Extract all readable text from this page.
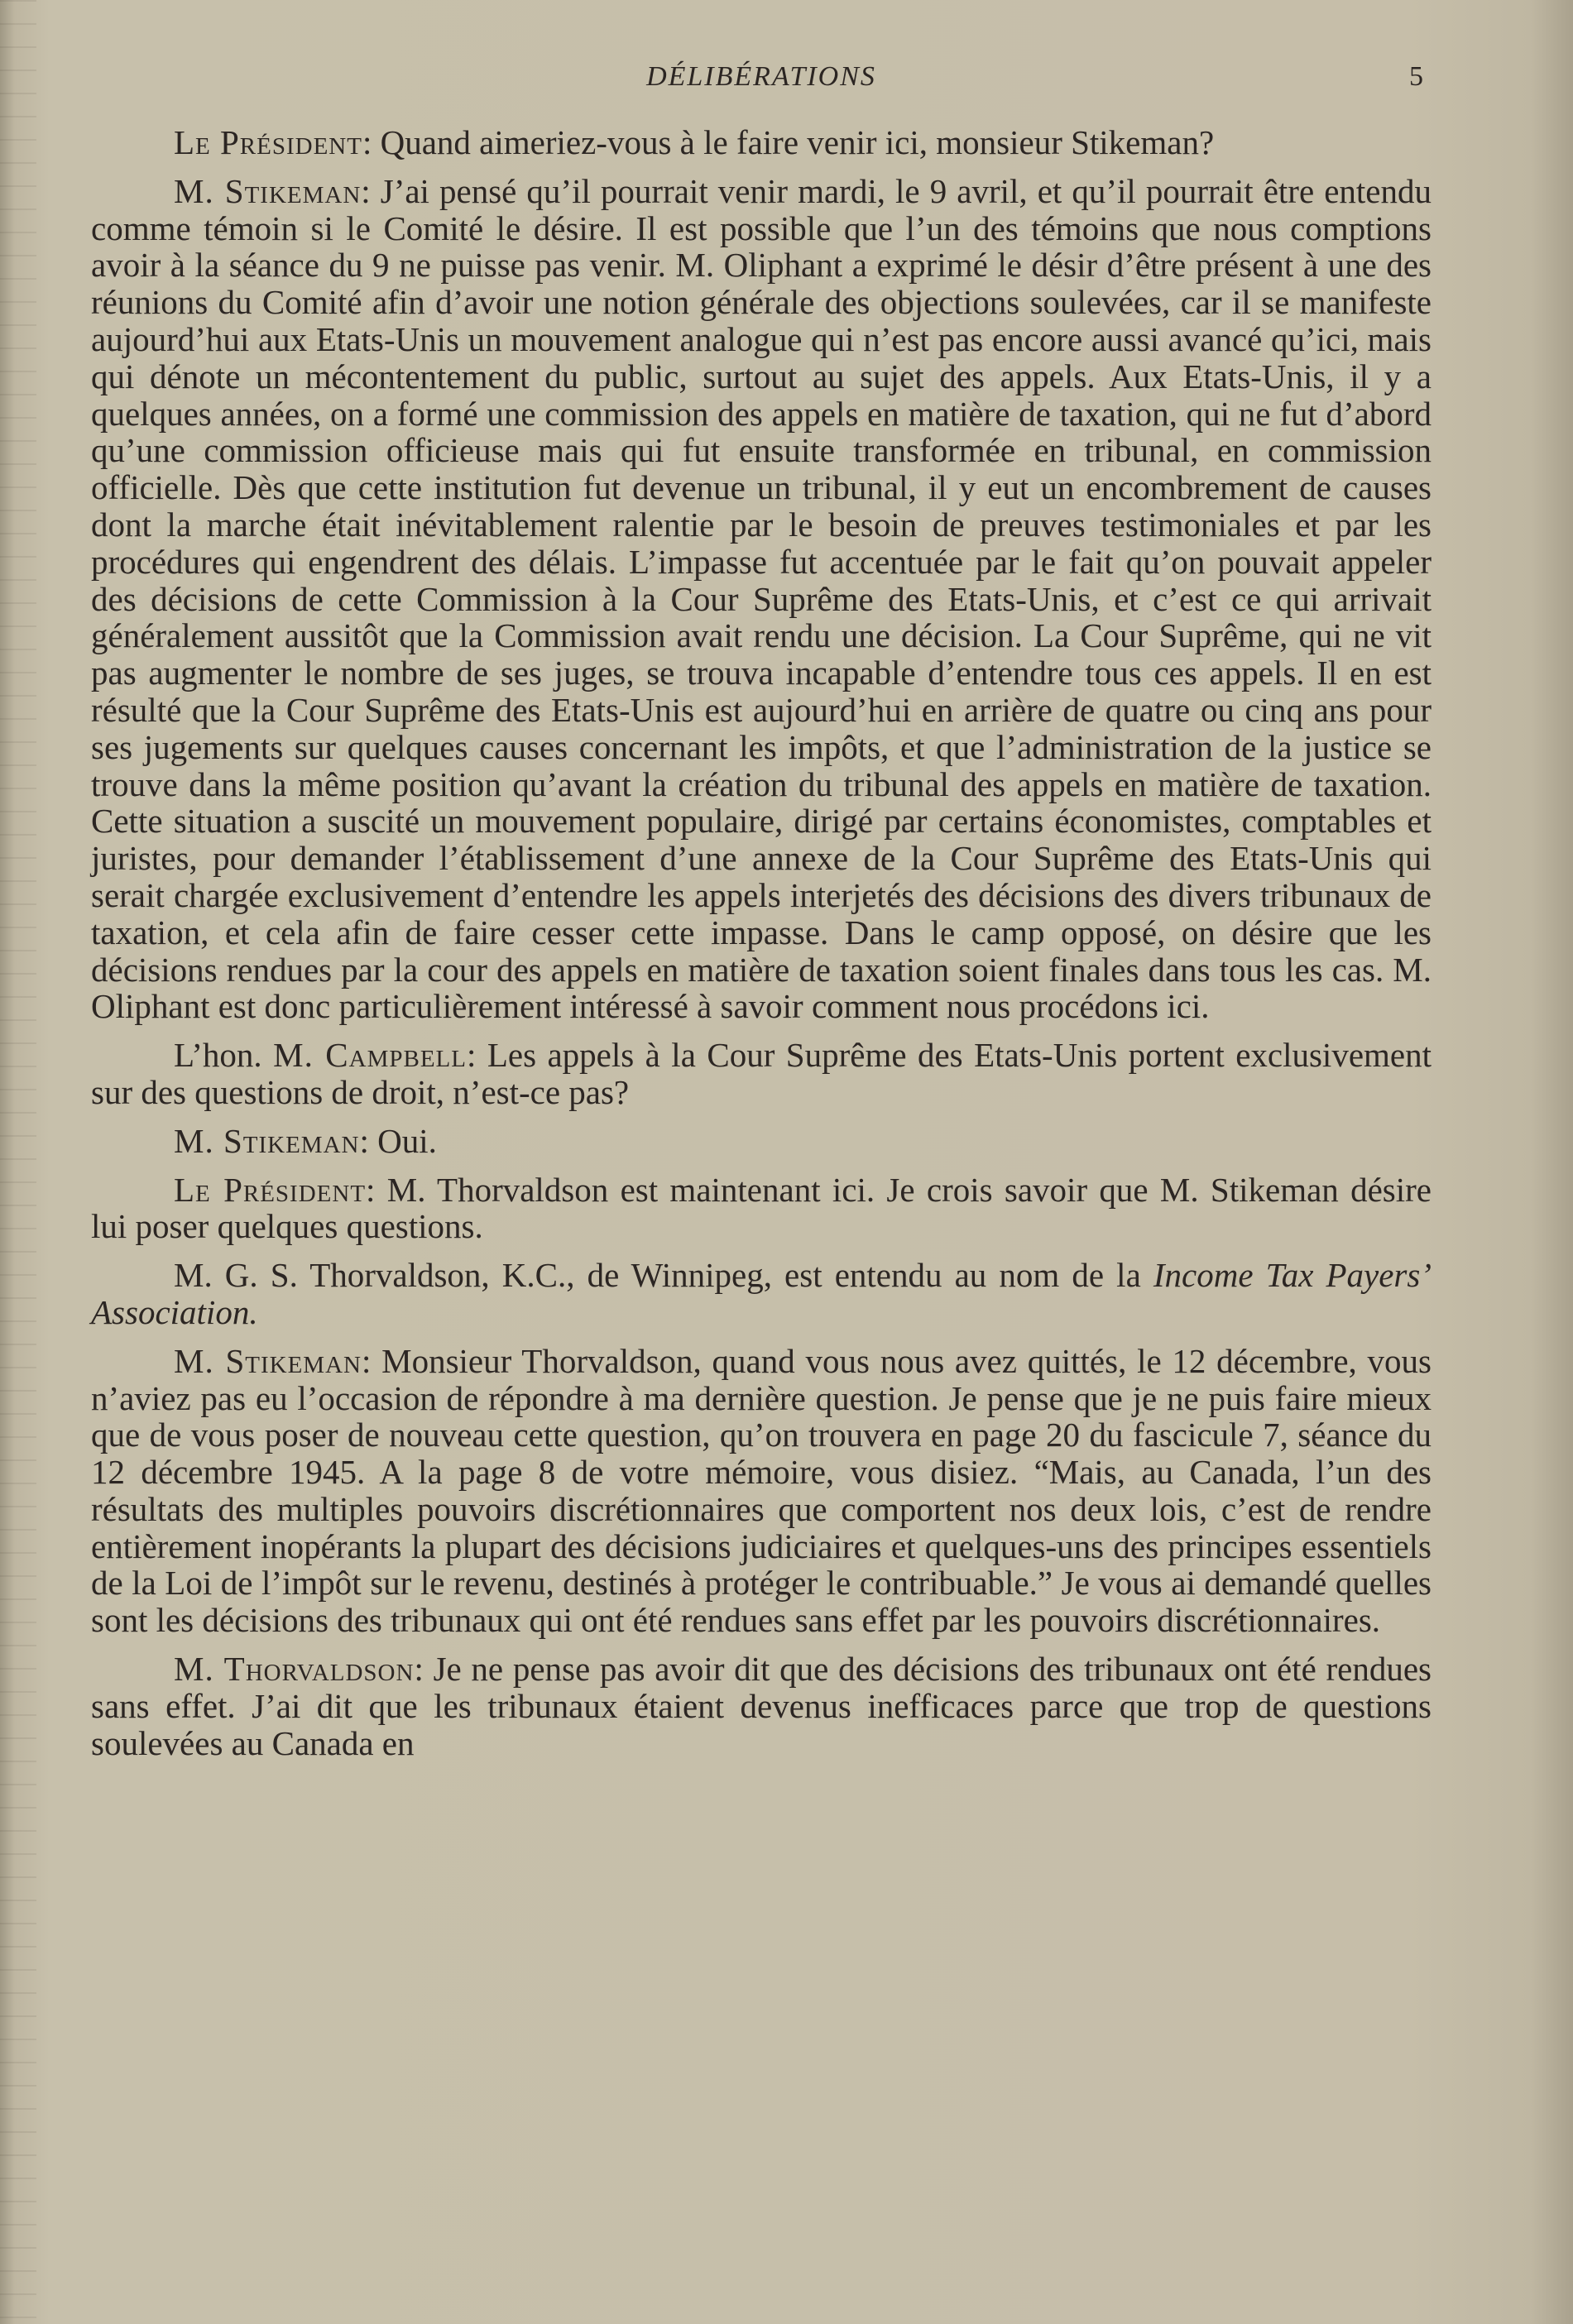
DÉLIBÉRATIONS	5

Le Président: Quand aimeriez-vous à le faire venir ici, monsieur Stikeman?

M. Stikeman: J’ai pensé qu’il pourrait venir mardi, le 9 avril, et qu’il pourrait être entendu comme témoin si le Comité le désire. Il est possible que l’un des témoins que nous comptions avoir à la séance du 9 ne puisse pas venir. M. Oliphant a exprimé le désir d’être présent à une des réunions du Comité afin d’avoir une notion générale des objections soulevées, car il se manifeste aujourd’hui aux Etats-Unis un mouvement analogue qui n’est pas encore aussi avancé qu’ici, mais qui dénote un mécontentement du public, surtout au sujet des appels. Aux Etats-Unis, il y a quelques années, on a formé une commission des appels en matière de taxation, qui ne fut d’abord qu’une commission officieuse mais qui fut ensuite transformée en tribunal, en commission officielle. Dès que cette institution fut devenue un tribunal, il y eut un encombrement de causes dont la marche était inévitablement ralentie par le besoin de preuves testimoniales et par les procédures qui engendrent des délais. L’impasse fut accentuée par le fait qu’on pouvait appeler des décisions de cette Commission à la Cour Suprême des Etats-Unis, et c’est ce qui arrivait généralement aussitôt que la Commission avait rendu une décision. La Cour Suprême, qui ne vit pas augmenter le nombre de ses juges, se trouva incapable d’entendre tous ces appels. Il en est résulté que la Cour Suprême des Etats-Unis est aujourd’hui en arrière de quatre ou cinq ans pour ses jugements sur quelques causes concernant les impôts, et que l’administration de la justice se trouve dans la même position qu’avant la création du tribunal des appels en matière de taxation. Cette situation a suscité un mouvement populaire, dirigé par certains économistes, comptables et juristes, pour demander l’établissement d’une annexe de la Cour Suprême des Etats-Unis qui serait chargée exclusivement d’entendre les appels interjetés des décisions des divers tribunaux de taxation, et cela afin de faire cesser cette impasse. Dans le camp opposé, on désire que les décisions rendues par la cour des appels en matière de taxation soient finales dans tous les cas. M. Oliphant est donc particulièrement intéressé à savoir comment nous procédons ici.

L’hon. M. Campbell: Les appels à la Cour Suprême des Etats-Unis portent exclusivement sur des questions de droit, n’est-ce pas?

M. Stikeman: Oui.

Le Président: M. Thorvaldson est maintenant ici. Je crois savoir que M. Stikeman désire lui poser quelques questions.

M. G. S. Thorvaldson, K.C., de Winnipeg, est entendu au nom de la Income Tax Payers’ Association.

M. Stikeman: Monsieur Thorvaldson, quand vous nous avez quittés, le 12 décembre, vous n’aviez pas eu l’occasion de répondre à ma dernière question. Je pense que je ne puis faire mieux que de vous poser de nouveau cette question, qu’on trouvera en page 20 du fascicule 7, séance du 12 décembre 1945. A la page 8 de votre mémoire, vous disiez. “Mais, au Canada, l’un des résultats des multiples pouvoirs discrétionnaires que comportent nos deux lois, c’est de rendre entièrement inopérants la plupart des décisions judiciaires et quelques-uns des principes essentiels de la Loi de l’impôt sur le revenu, destinés à protéger le contribuable.” Je vous ai demandé quelles sont les décisions des tribunaux qui ont été rendues sans effet par les pouvoirs discrétionnaires.

M. Thorvaldson: Je ne pense pas avoir dit que des décisions des tribunaux ont été rendues sans effet. J’ai dit que les tribunaux étaient devenus inefficaces parce que trop de questions soulevées au Canada en
